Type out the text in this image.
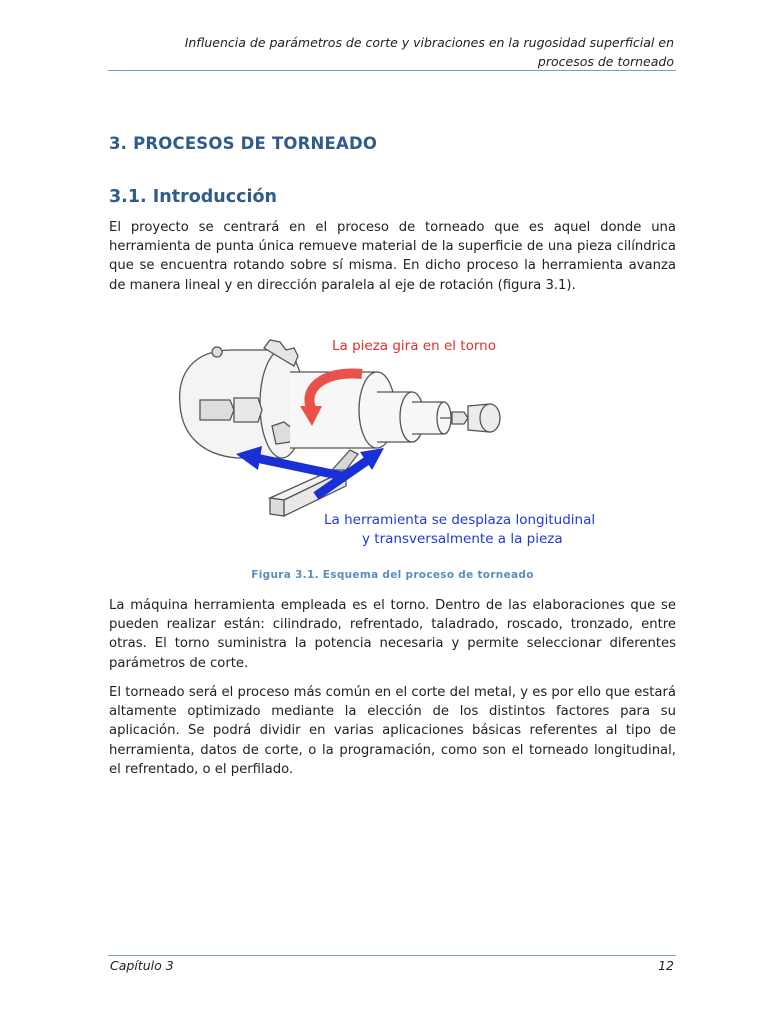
Influencia de parámetros de corte y vibraciones en la rugosidad superficial en
procesos de torneado
3. PROCESOS DE TORNEADO
3.1. Introducción

El proyecto se centrará en el proceso de torneado que es aquel donde una herramienta de punta única remueve material de la superficie de una pieza cilíndrica que se encuentra rotando sobre sí misma. En dicho proceso la herramienta avanza de manera lineal y en dirección paralela al eje de rotación (figura 3.1).

La pieza gira en el torno
La herramienta se desplaza longitudinal
y transversalmente a la pieza
Figura 3.1. Esquema del proceso de torneado

La máquina herramienta empleada es el torno. Dentro de las elaboraciones que se pueden realizar están: cilindrado, refrentado, taladrado, roscado, tronzado, entre otras. El torno suministra la potencia necesaria y permite seleccionar diferentes parámetros de corte.

El torneado será el proceso más común en el corte del metal, y es por ello que estará altamente optimizado mediante la elección de los distintos factores para su aplicación. Se podrá dividir en varias aplicaciones básicas referentes al tipo de herramienta, datos de corte, o la programación, como son el torneado longitudinal, el refrentado, o el perfilado.

Capítulo 3	12
